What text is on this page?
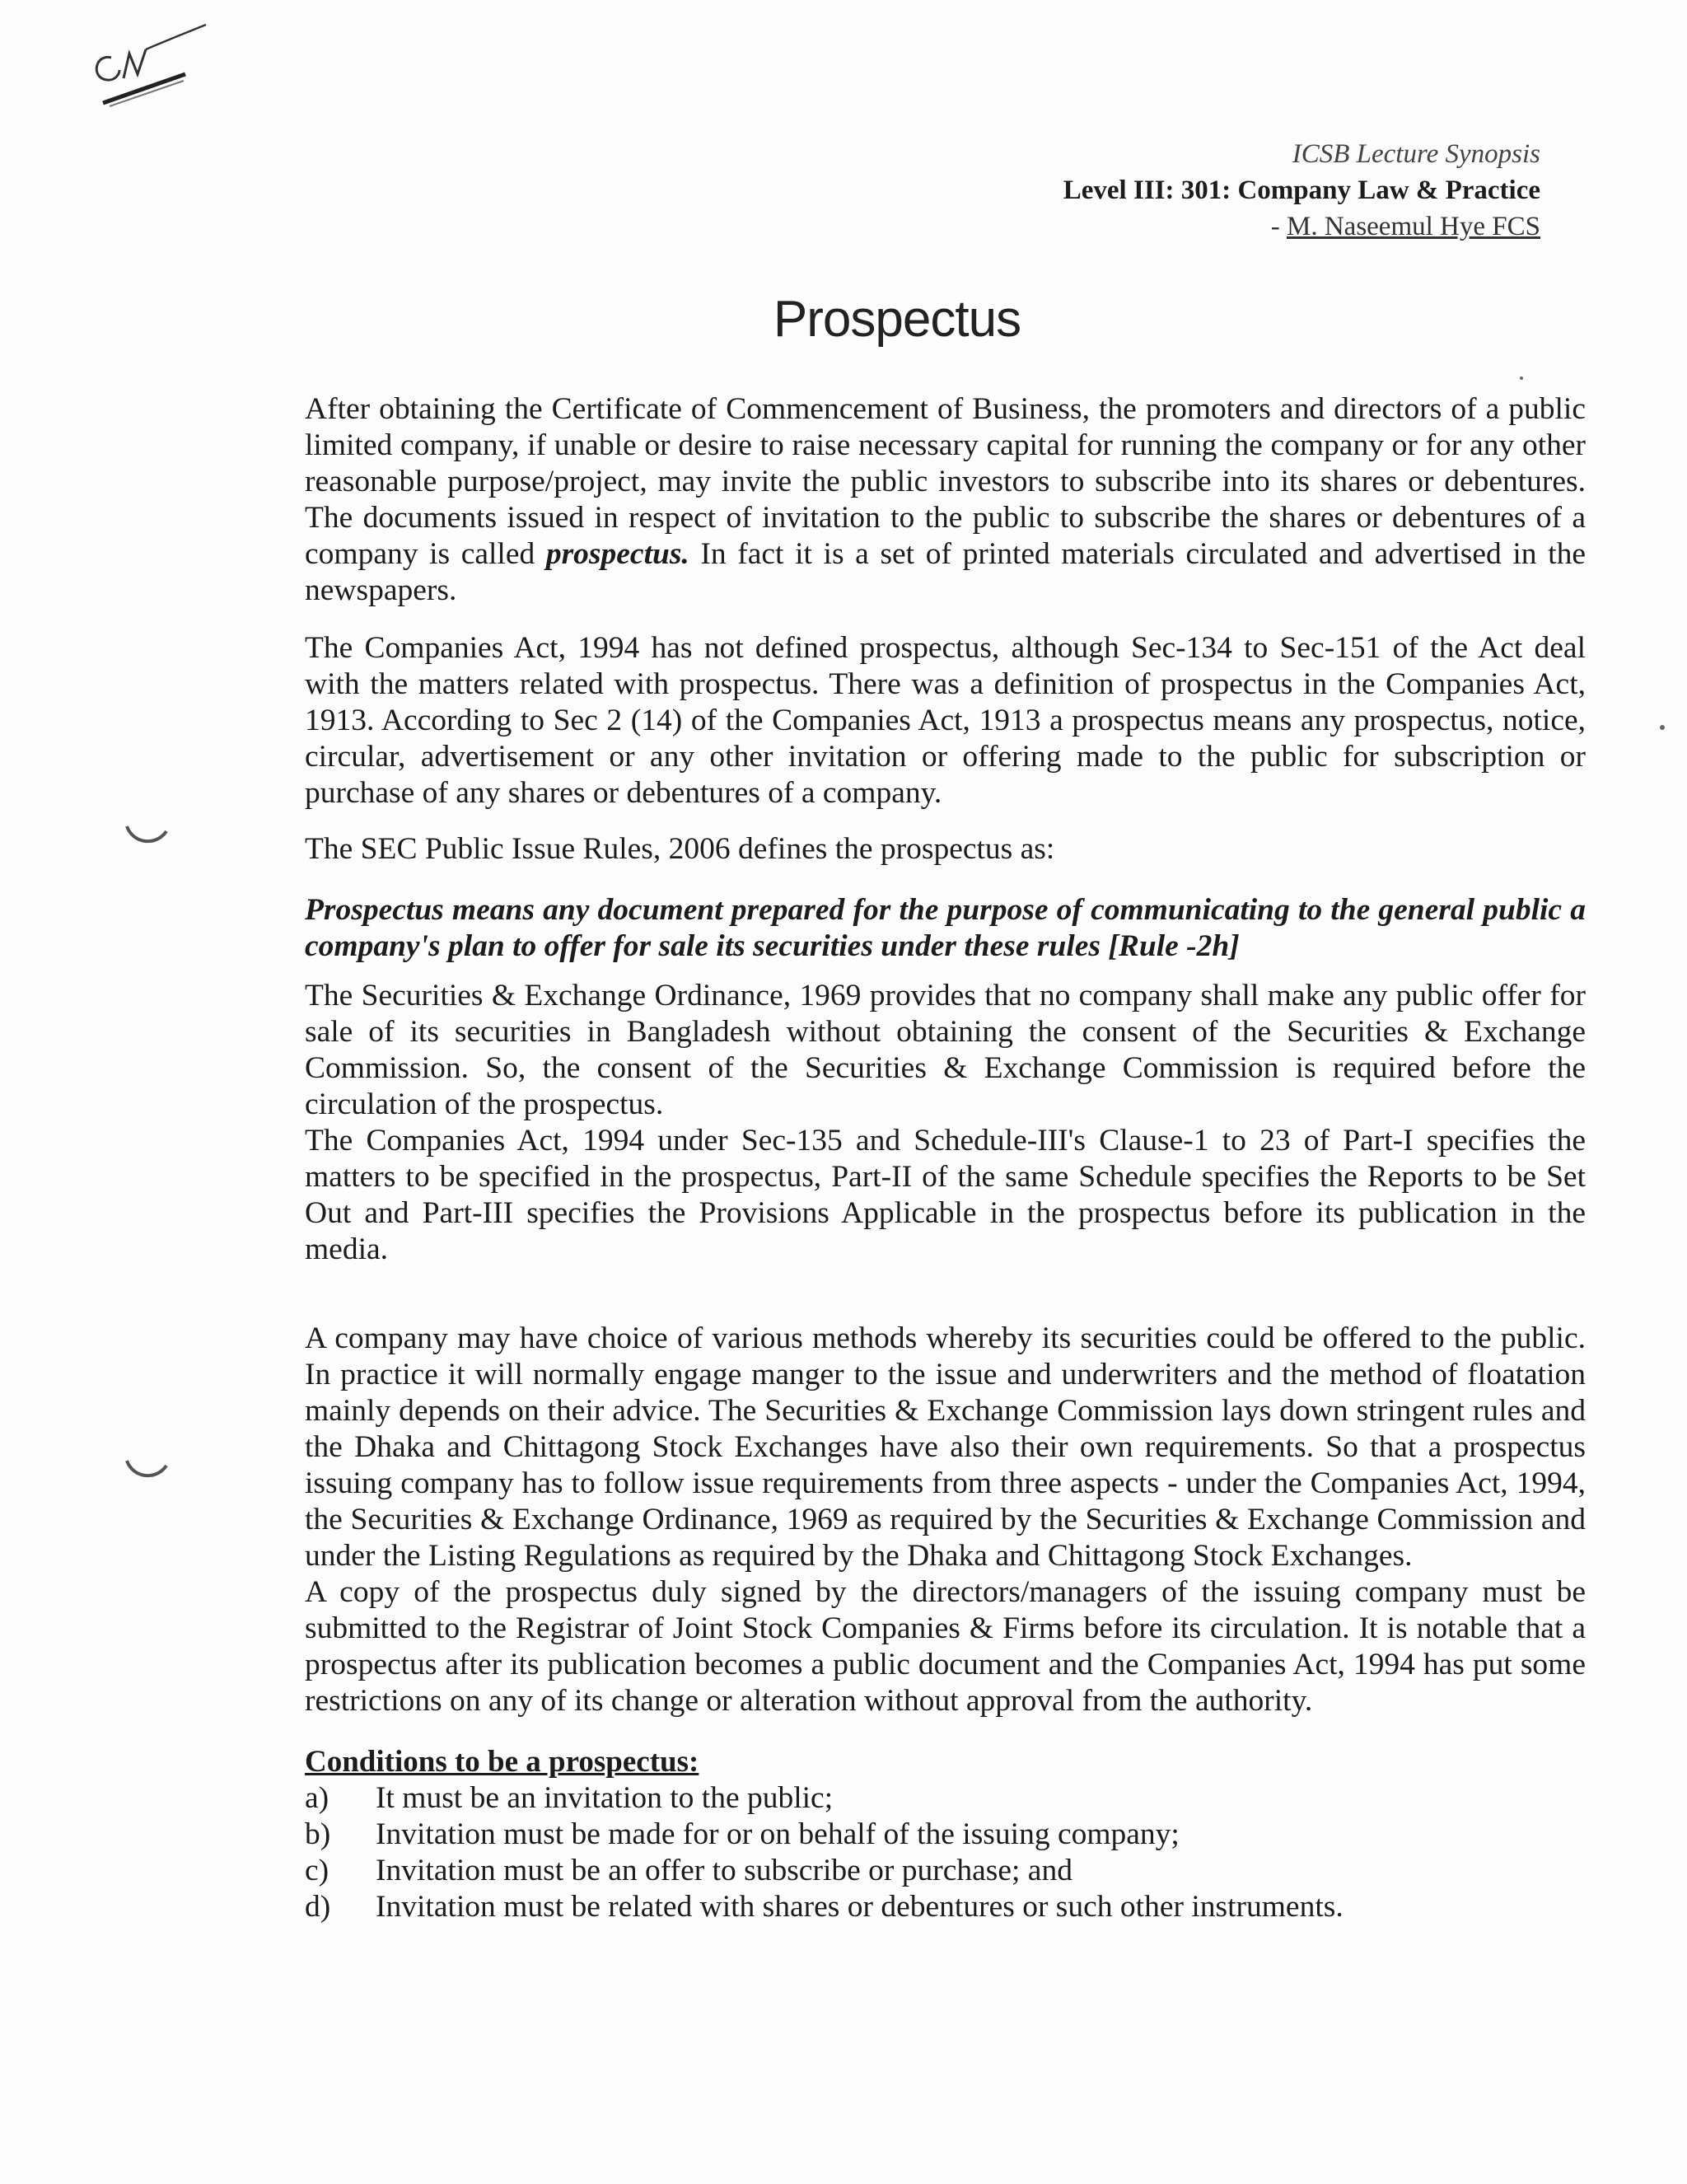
ICSB Lecture Synopsis
Level III: 301: Company Law & Practice
- M. Naseemul Hye FCS
Prospectus

After obtaining the Certificate of Commencement of Business, the promoters and directors of a public limited company, if unable or desire to raise necessary capital for running the company or for any other reasonable purpose/project, may invite the public investors to subscribe into its shares or debentures. The documents issued in respect of invitation to the public to subscribe the shares or debentures of a company is called prospectus. In fact it is a set of printed materials circulated and advertised in the newspapers.

The Companies Act, 1994 has not defined prospectus, although Sec-134 to Sec-151 of the Act deal with the matters related with prospectus. There was a definition of prospectus in the Companies Act, 1913. According to Sec 2 (14) of the Companies Act, 1913 a prospectus means any prospectus, notice, circular, advertisement or any other invitation or offering made to the public for subscription or purchase of any shares or debentures of a company.

The SEC Public Issue Rules, 2006 defines the prospectus as:

Prospectus means any document prepared for the purpose of communicating to the general public a company's plan to offer for sale its securities under these rules [Rule -2h]

The Securities & Exchange Ordinance, 1969 provides that no company shall make any public offer for sale of its securities in Bangladesh without obtaining the consent of the Securities & Exchange Commission. So, the consent of the Securities & Exchange Commission is required before the circulation of the prospectus.

The Companies Act, 1994 under Sec-135 and Schedule-III's Clause-1 to 23 of Part-I specifies the matters to be specified in the prospectus, Part-II of the same Schedule specifies the Reports to be Set Out and Part-III specifies the Provisions Applicable in the prospectus before its publication in the media.

A company may have choice of various methods whereby its securities could be offered to the public. In practice it will normally engage manger to the issue and underwriters and the method of floatation mainly depends on their advice. The Securities & Exchange Commission lays down stringent rules and the Dhaka and Chittagong Stock Exchanges have also their own requirements. So that a prospectus issuing company has to follow issue requirements from three aspects - under the Companies Act, 1994, the Securities & Exchange Ordinance, 1969 as required by the Securities & Exchange Commission and under the Listing Regulations as required by the Dhaka and Chittagong Stock Exchanges.

A copy of the prospectus duly signed by the directors/managers of the issuing company must be submitted to the Registrar of Joint Stock Companies & Firms before its circulation. It is notable that a prospectus after its publication becomes a public document and the Companies Act, 1994 has put some restrictions on any of its change or alteration without approval from the authority.

Conditions to be a prospectus:

a)	It must be an invitation to the public;
b)	Invitation must be made for or on behalf of the issuing company;
c)	Invitation must be an offer to subscribe or purchase; and
d)	Invitation must be related with shares or debentures or such other instruments.
